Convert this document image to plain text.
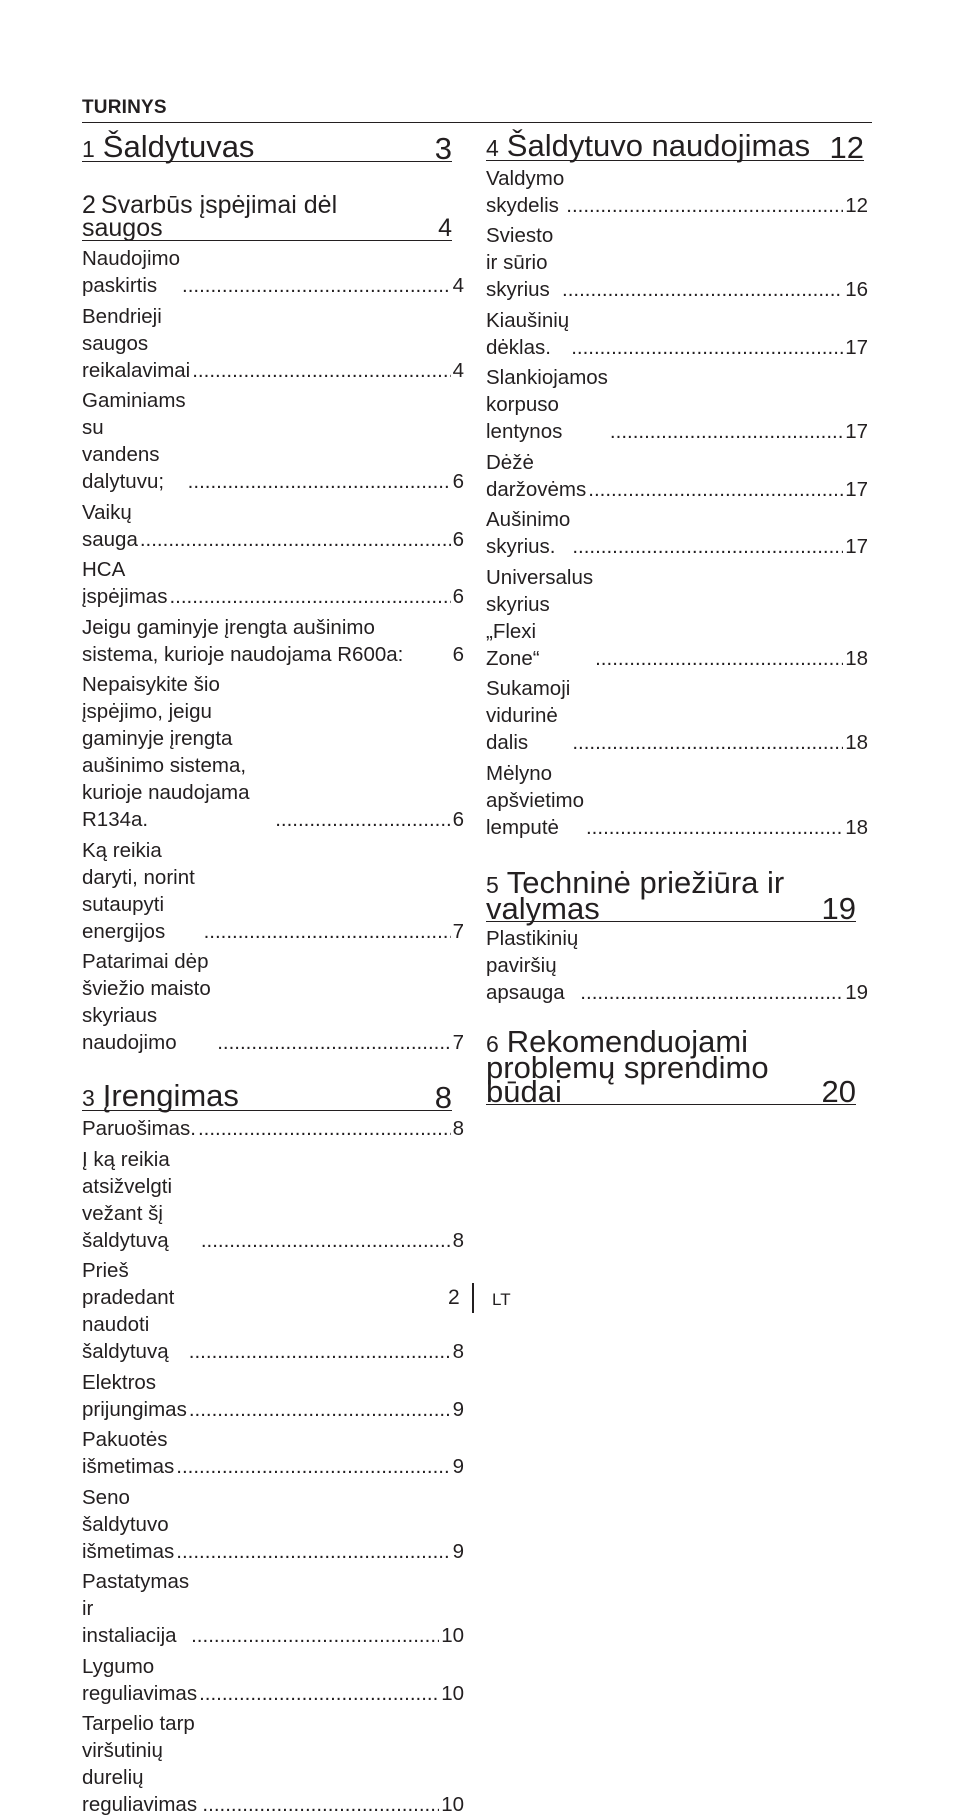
TURINYS
1 Šaldytuvas	3
2 Svarbūs įspėjimai dėl saugos	4
Naudojimo paskirtis .....	4
Bendrieji saugos reikalavimai .....	4
Gaminiams su vandens dalytuvu; .....	6
Vaikų sauga .....	6
HCA įspėjimas .....	6
Jeigu gaminyje įrengta aušinimo sistema, kurioje naudojama R600a:	6
Nepaisykite šio įspėjimo, jeigu gaminyje įrengta aušinimo sistema, kurioje naudojama R134a. .....	6
Ką reikia daryti, norint sutaupyti energijos .....	7
Patarimai dėp šviežio maisto skyriaus naudojimo .....	7
3 Įrengimas	8
Paruošimas. .....	8
Į ką reikia atsižvelgti vežant šį šaldytuvą .....	8
Prieš pradedant naudoti šaldytuvą .....	8
Elektros prijungimas .....	9
Pakuotės išmetimas .....	9
Seno šaldytuvo išmetimas .....	9
Pastatymas ir instaliacija .....	10
Lygumo reguliavimas .....	10
Tarpelio tarp viršutinių durelių reguliavimas .....	10
4 Šaldytuvo naudojimas 12
Valdymo skydelis .....	12
Sviesto ir sūrio skyrius .....	16
Kiaušinių dėklas. .....	17
Slankiojamos korpuso lentynos .....	17
Dėžė daržovėms .....	17
Aušinimo skyrius. .....	17
Universalus skyrius „Flexi Zone“ .....	18
Sukamoji vidurinė dalis .....	18
Mėlyno apšvietimo lemputė .....	18
5 Techninė priežiūra ir valymas	19
Plastikinių paviršių apsauga .....	19
6 Rekomenduojami problemų sprendimo būdai	20
2 LT
